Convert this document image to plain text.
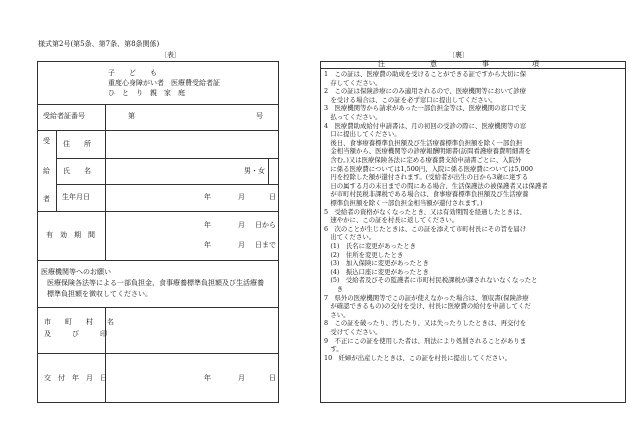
様式第2号(第5条、第7条、第8条関係)
〔表〕	〔裏〕
子　　ど　　も
重度心身障がい者　医療費受給者証
ひ　と　り　親　家　庭
受給者証番号	第	号
受
給
者
住　　所
氏　　名	男・女
生年月日	年	月	日
有　効　期　間
年	月 日から
年	月 日まで
医療機関等へのお願い
医療保険各法等による一部負担金、食事療養標準負担額及び生活療養
標準負担額を徴収してください。
市　　町　　村　　名
及　　　び　　　印
交　付　年　月　日	年	月	日
注	意	事	項
1　この証は、医療費の助成を受けることができる証ですから大切に保
　存してください。
2　この証は保険診療にのみ適用されるので、医療機関等において診療
　を受ける場合は、この証を必ず窓口に提出してください。
3　医療機関等から請求があった一部負担金等は、医療機関の窓口で支
　払ってください。
4　医療費助成給付申請書は、月の初回の受診の際に、医療機関等の窓
　口に提出してください。
　後日、食事療養標準負担額及び生活療養標準負担額を除く一部負担
　金相当額から、医療機関等の診療報酬明細書(訪問看護療養費明細書を
　含む。)又は医療保険各法に定める療養費支給申請書ごとに、入院外
　に係る医療費については1,500円、入院に係る医療費については5,000
　円を控除した額が還付されます。(受給者が出生の日から3歳に達する
　日の属する月の末日までの間にある場合、生活保護法の被保護者又は保護者
　が市町村民税非課税である場合は、食事療養標準負担額及び生活療養
　標準負担額を除く一部負担金相当額が還付されます。)
5　受給者の資格がなくなったとき、又は有効期間を経過したときは、
　速やかに、この証を村長に返してください。
6　次のことが生じたときは、この証を添えて市町村長にその旨を届け
　出てください。
　(1)　氏名に変更があったとき
　(2)　住所を変更したとき
　(3)　加入保険に変更があったとき
　(4)　振込口座に変更があったとき
　(5)　受給者及びその監護者に市町村民税課税が課されないなくなったと
　　き
7　県外の医療機関等でこの証が使えなかった場合は、領収書(保険診療
　が確認できるもの)の交付を受け、村長に医療費の給付を申請してくだ
　さい。
8　この証を破ったり、汚したり、又は失ったりしたときは、再交付を
　受けてください。
9　不正にこの証を使用した者は、刑法により処罰されることがありま
　す。
10　妊婦が出産したときは、この証を村長に提出してください。
